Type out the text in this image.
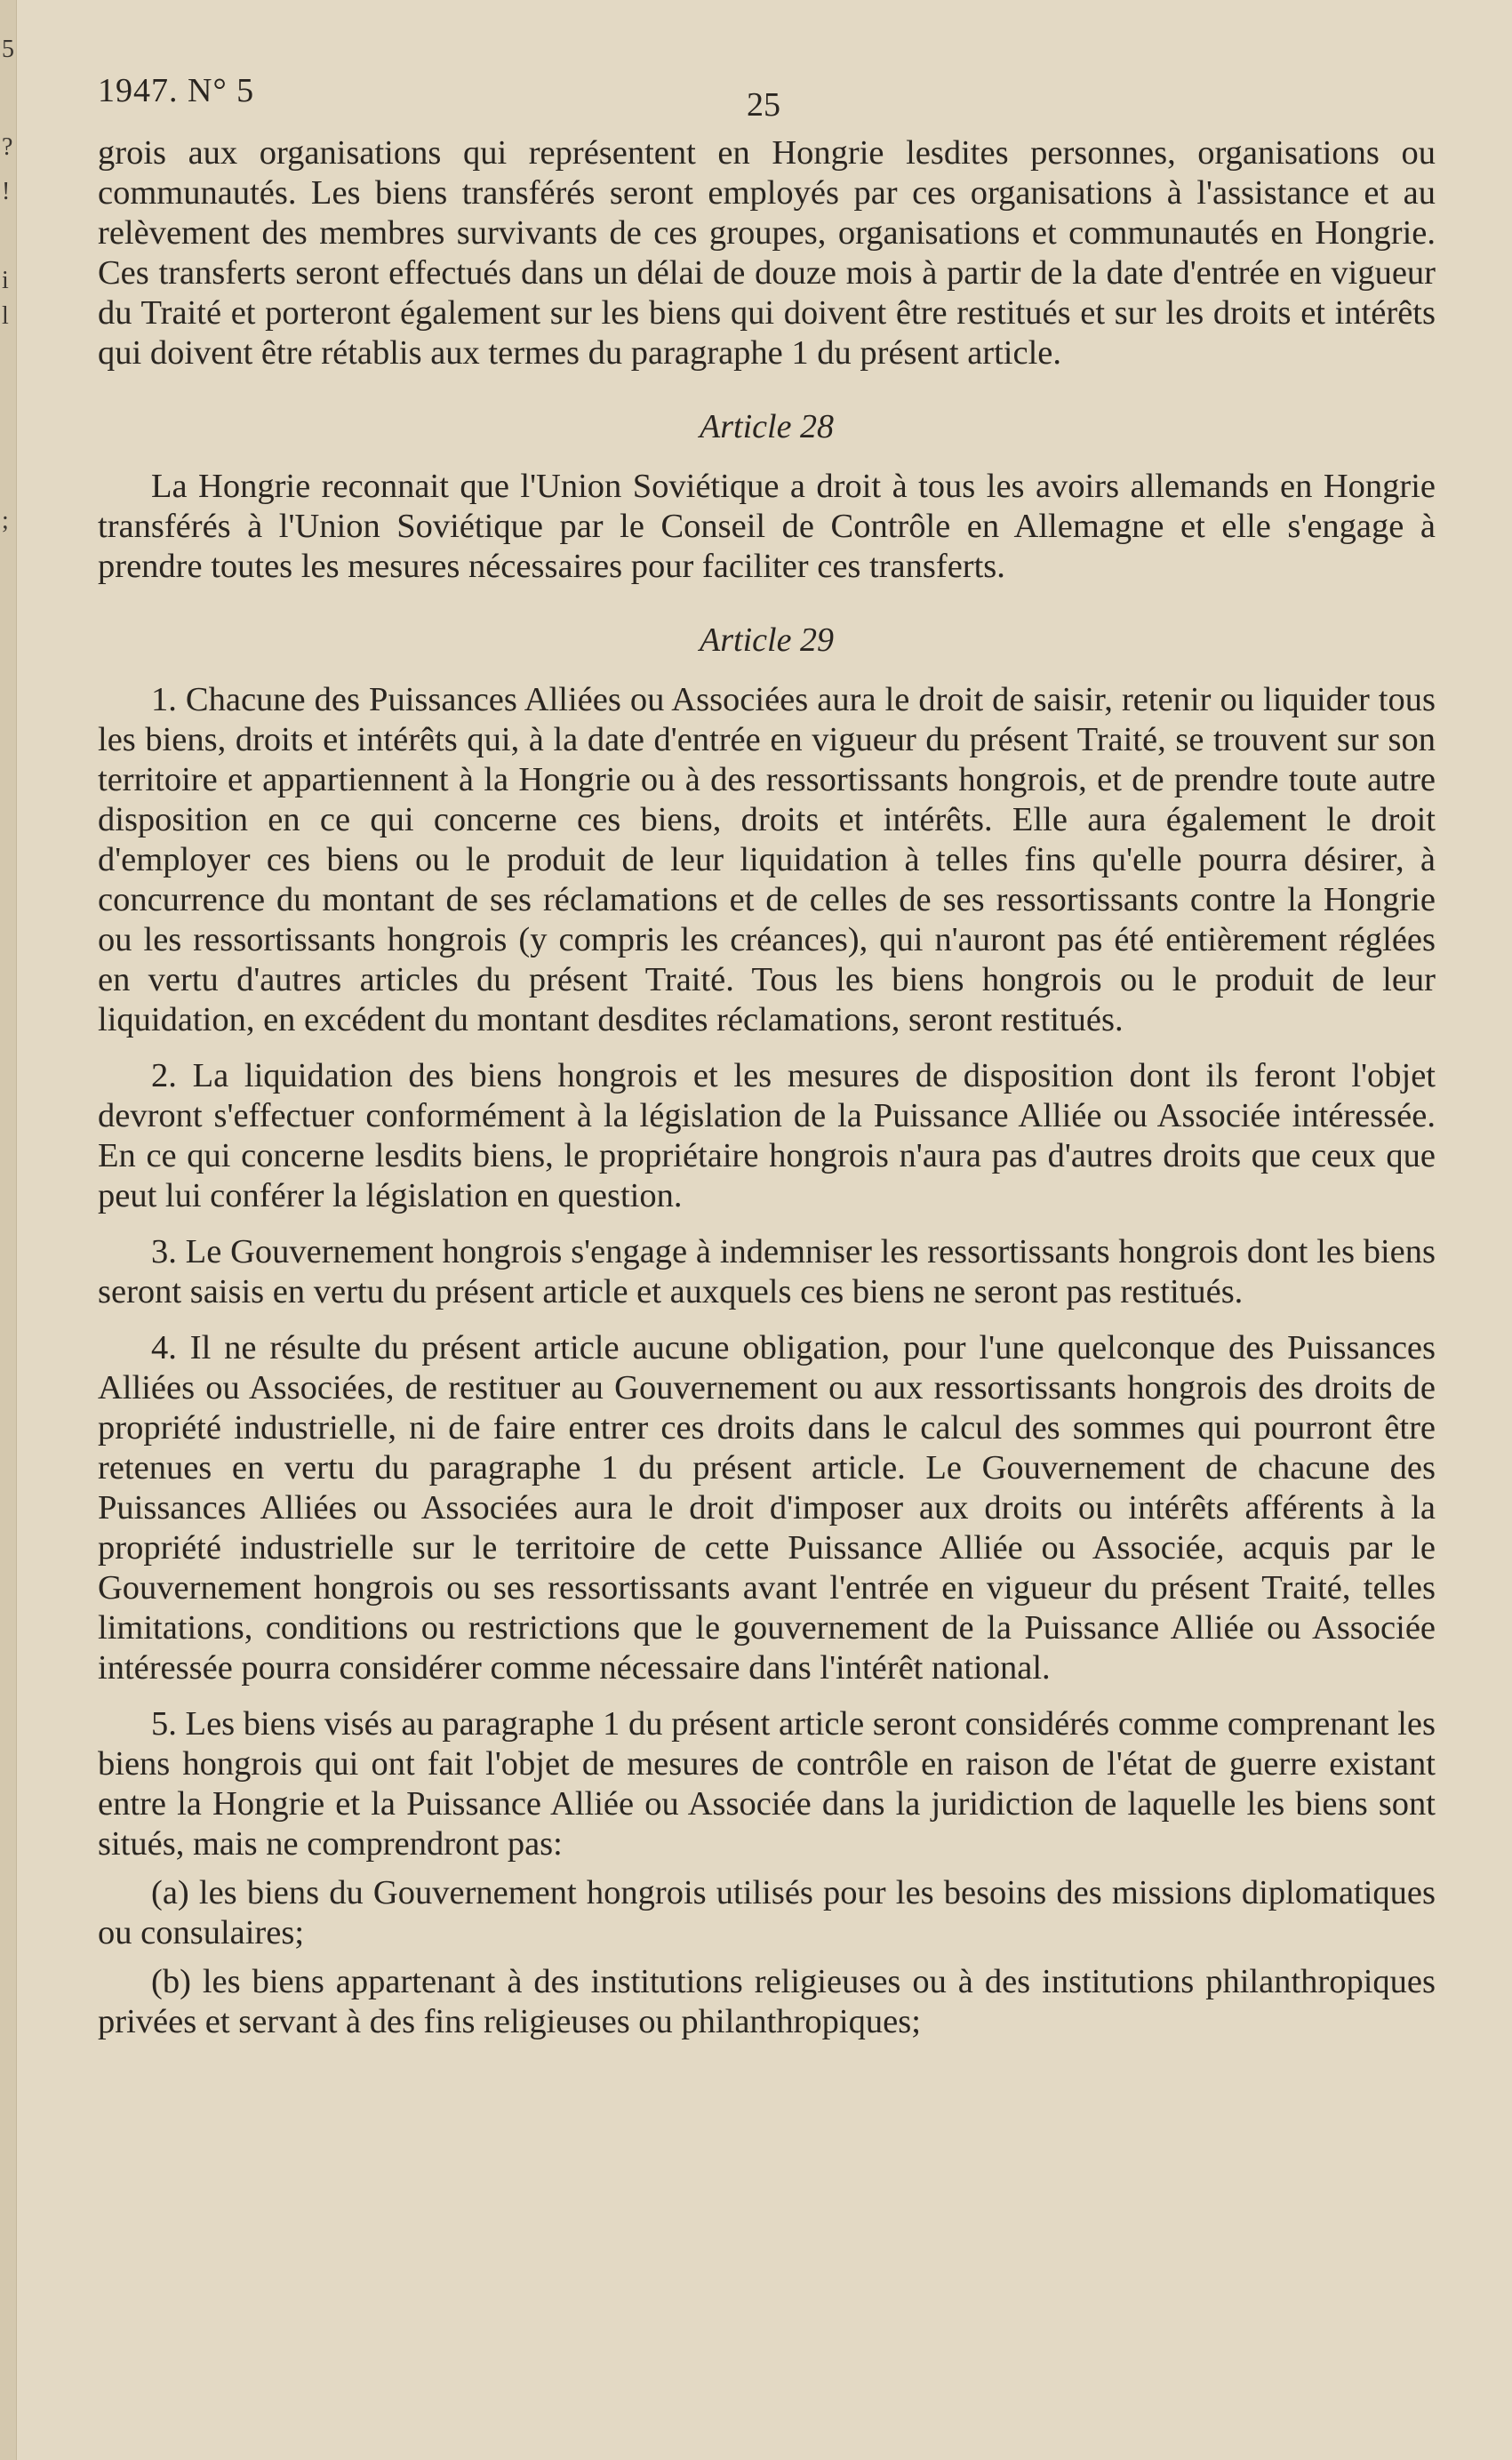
5
?
!
i
l
;
1947. N° 5	25

grois aux organisations qui représentent en Hongrie lesdites personnes, organisations ou communautés. Les biens transférés seront employés par ces organisations à l'assistance et au relèvement des membres survivants de ces groupes, organisations et communautés en Hongrie. Ces transferts seront effectués dans un délai de douze mois à partir de la date d'entrée en vigueur du Traité et porteront également sur les biens qui doivent être restitués et sur les droits et intérêts qui doivent être rétablis aux termes du paragraphe 1 du présent article.

Article 28

La Hongrie reconnait que l'Union Soviétique a droit à tous les avoirs allemands en Hongrie transférés à l'Union Soviétique par le Conseil de Contrôle en Allemagne et elle s'engage à prendre toutes les mesures nécessaires pour faciliter ces transferts.

Article 29

1. Chacune des Puissances Alliées ou Associées aura le droit de saisir, retenir ou liquider tous les biens, droits et intérêts qui, à la date d'entrée en vigueur du présent Traité, se trouvent sur son territoire et appartiennent à la Hongrie ou à des ressortissants hongrois, et de prendre toute autre disposition en ce qui concerne ces biens, droits et intérêts. Elle aura également le droit d'employer ces biens ou le produit de leur liquidation à telles fins qu'elle pourra désirer, à concurrence du montant de ses réclamations et de celles de ses ressortissants contre la Hongrie ou les ressortissants hongrois (y compris les créances), qui n'auront pas été entièrement réglées en vertu d'autres articles du présent Traité. Tous les biens hongrois ou le produit de leur liquidation, en excédent du montant desdites réclamations, seront restitués.

2. La liquidation des biens hongrois et les mesures de disposition dont ils feront l'objet devront s'effectuer conformément à la législation de la Puissance Alliée ou Associée intéressée. En ce qui concerne lesdits biens, le propriétaire hongrois n'aura pas d'autres droits que ceux que peut lui conférer la législation en question.

3. Le Gouvernement hongrois s'engage à indemniser les ressortissants hongrois dont les biens seront saisis en vertu du présent article et auxquels ces biens ne seront pas restitués.

4. Il ne résulte du présent article aucune obligation, pour l'une quelconque des Puissances Alliées ou Associées, de restituer au Gouvernement ou aux ressortissants hongrois des droits de propriété industrielle, ni de faire entrer ces droits dans le calcul des sommes qui pourront être retenues en vertu du paragraphe 1 du présent article. Le Gouvernement de chacune des Puissances Alliées ou Associées aura le droit d'imposer aux droits ou intérêts afférents à la propriété industrielle sur le territoire de cette Puissance Alliée ou Associée, acquis par le Gouvernement hongrois ou ses ressortissants avant l'entrée en vigueur du présent Traité, telles limitations, conditions ou restrictions que le gouvernement de la Puissance Alliée ou Associée intéressée pourra considérer comme nécessaire dans l'intérêt national.

5. Les biens visés au paragraphe 1 du présent article seront considérés comme comprenant les biens hongrois qui ont fait l'objet de mesures de contrôle en raison de l'état de guerre existant entre la Hongrie et la Puissance Alliée ou Associée dans la juridiction de laquelle les biens sont situés, mais ne comprendront pas:

(a) les biens du Gouvernement hongrois utilisés pour les besoins des missions diplomatiques ou consulaires;

(b) les biens appartenant à des institutions religieuses ou à des institutions philanthropiques privées et servant à des fins religieuses ou philanthropiques;
